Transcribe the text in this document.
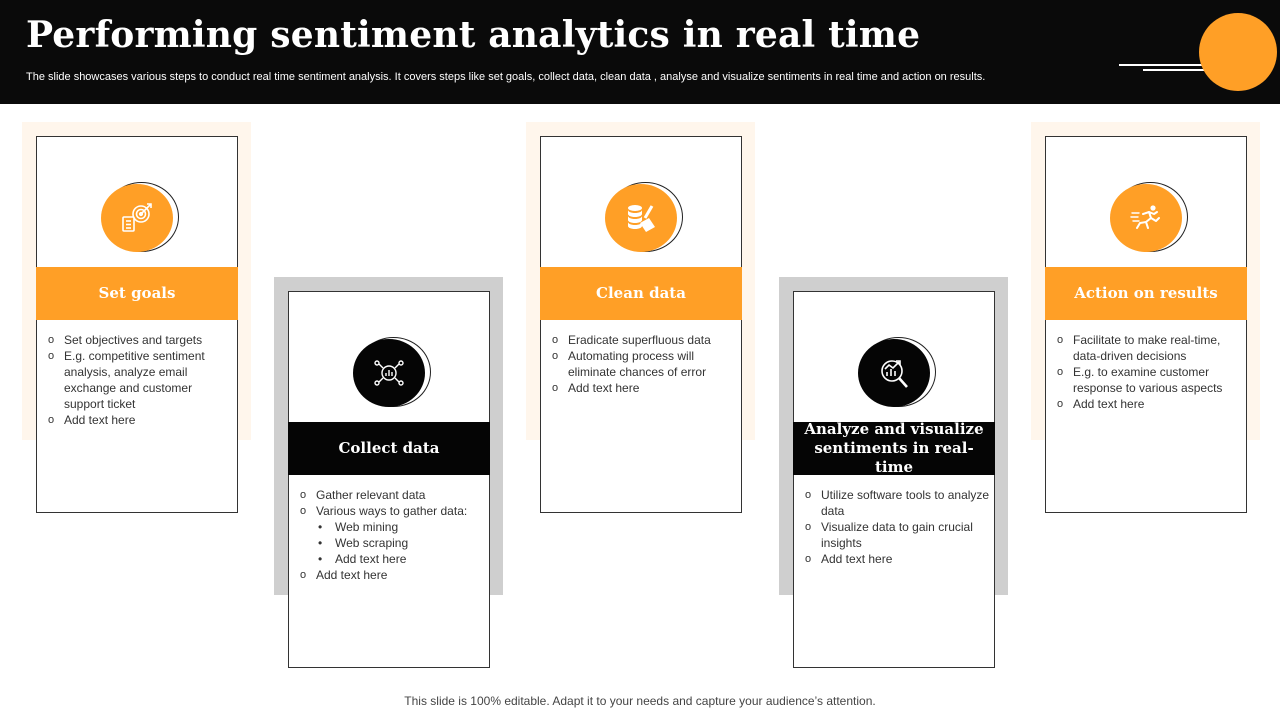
Performing sentiment analytics in real time
The slide showcases various steps to conduct real time sentiment analysis. It covers steps like set goals, collect data, clean data , analyse and visualize sentiments in real time and action on results.
Set goals
o Set objectives and targets
o E.g. competitive sentiment analysis, analyze email exchange and customer support ticket
o Add text here
Collect data
o Gather relevant data
o Various ways to gather data:
• Web mining
• Web scraping
• Add text here
o Add text here
Clean data
o Eradicate superfluous data
o Automating process will eliminate chances of error
o Add text here
Analyze and visualize sentiments in real-time
o Utilize software tools to analyze data
o Visualize data to gain crucial insights
o Add text here
Action on results
o Facilitate to make real-time, data-driven decisions
o E.g. to examine customer response to various aspects
o Add text here
This slide is 100% editable. Adapt it to your needs and capture your audience’s attention.
